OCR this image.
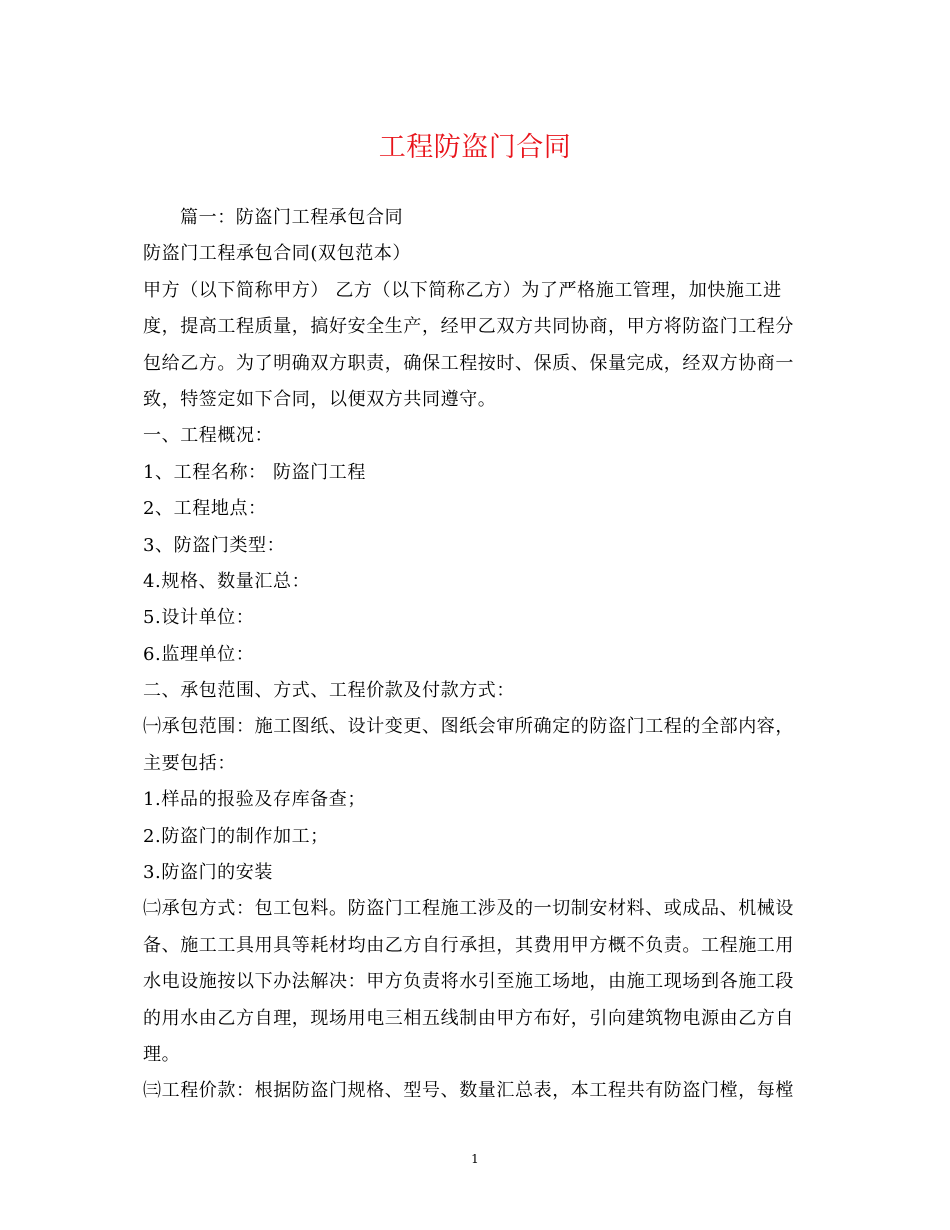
工程防盗门合同
篇一：防盗门工程承包合同
防盗门工程承包合同(双包范本）
甲方（以下简称甲方） 乙方（以下简称乙方）为了严格施工管理，加快施工进
度，提高工程质量，搞好安全生产，经甲乙双方共同协商，甲方将防盗门工程分
包给乙方。为了明确双方职责，确保工程按时、保质、保量完成，经双方协商一
致，特签定如下合同，以便双方共同遵守。
一、工程概况：
1、工程名称： 防盗门工程
2、工程地点：
3、防盗门类型：
4.规格、数量汇总：
5.设计单位：
6.监理单位：
二、承包范围、方式、工程价款及付款方式：
㈠承包范围：施工图纸、设计变更、图纸会审所确定的防盗门工程的全部内容，
主要包括：
1.样品的报验及存库备查；
2.防盗门的制作加工；
3.防盗门的安装
㈡承包方式：包工包料。防盗门工程施工涉及的一切制安材料、或成品、机械设
备、施工工具用具等耗材均由乙方自行承担，其费用甲方概不负责。工程施工用
水电设施按以下办法解决：甲方负责将水引至施工场地，由施工现场到各施工段
的用水由乙方自理，现场用电三相五线制由甲方布好，引向建筑物电源由乙方自
理。
㈢工程价款：根据防盗门规格、型号、数量汇总表，本工程共有防盗门樘，每樘
1
